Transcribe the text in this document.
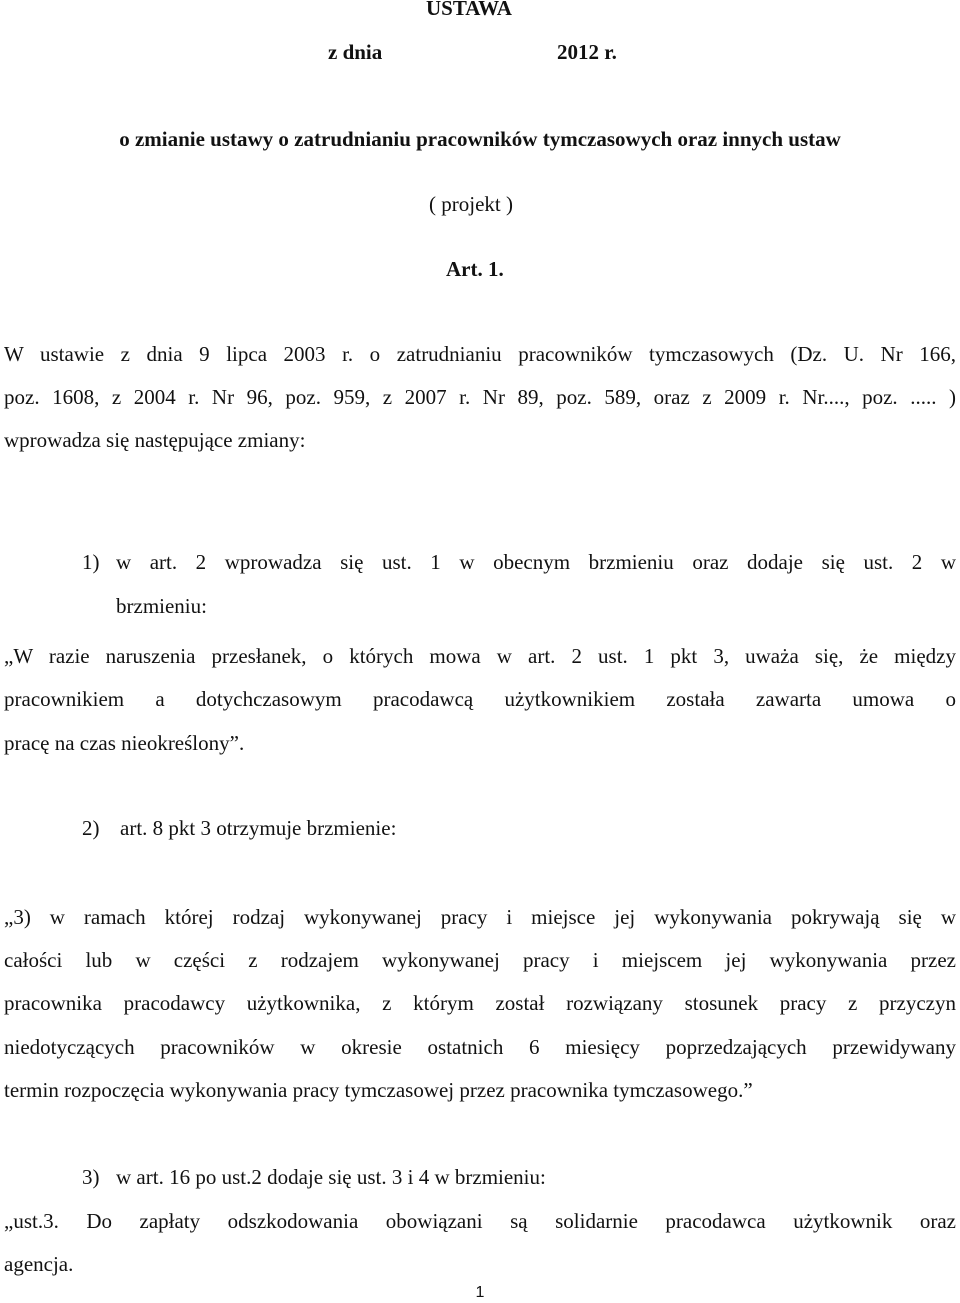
USTAWA
z dnia	2012 r.
o zmianie ustawy o zatrudnianiu pracowników tymczasowych oraz innych ustaw
( projekt )
Art. 1.
W ustawie z dnia 9 lipca 2003 r. o zatrudnianiu pracowników tymczasowych (Dz. U. Nr 166,
poz. 1608, z 2004 r. Nr 96, poz. 959, z 2007 r. Nr 89, poz. 589, oraz z 2009 r. Nr...., poz. ..... )
wprowadza się następujące zmiany:
1) w art. 2 wprowadza się ust. 1 w obecnym brzmieniu oraz dodaje się ust. 2 w
brzmieniu:
„W razie naruszenia przesłanek, o których mowa w art. 2 ust. 1 pkt 3, uważa się, że między
pracownikiem a dotychczasowym pracodawcą użytkownikiem została zawarta umowa o
pracę na czas nieokreślony”.
2) art. 8 pkt 3 otrzymuje brzmienie:
„3) w ramach której rodzaj wykonywanej pracy i miejsce jej wykonywania pokrywają się w
całości lub w części z rodzajem wykonywanej pracy i miejscem jej wykonywania przez
pracownika pracodawcy użytkownika, z którym został rozwiązany stosunek pracy z przyczyn
niedotyczących pracowników w okresie ostatnich 6 miesięcy poprzedzających przewidywany
termin rozpoczęcia wykonywania pracy tymczasowej przez pracownika tymczasowego.”
3) w art. 16 po ust.2 dodaje się ust. 3 i 4 w brzmieniu:
„ust.3. Do zapłaty odszkodowania obowiązani są solidarnie pracodawca użytkownik oraz
agencja.
1
